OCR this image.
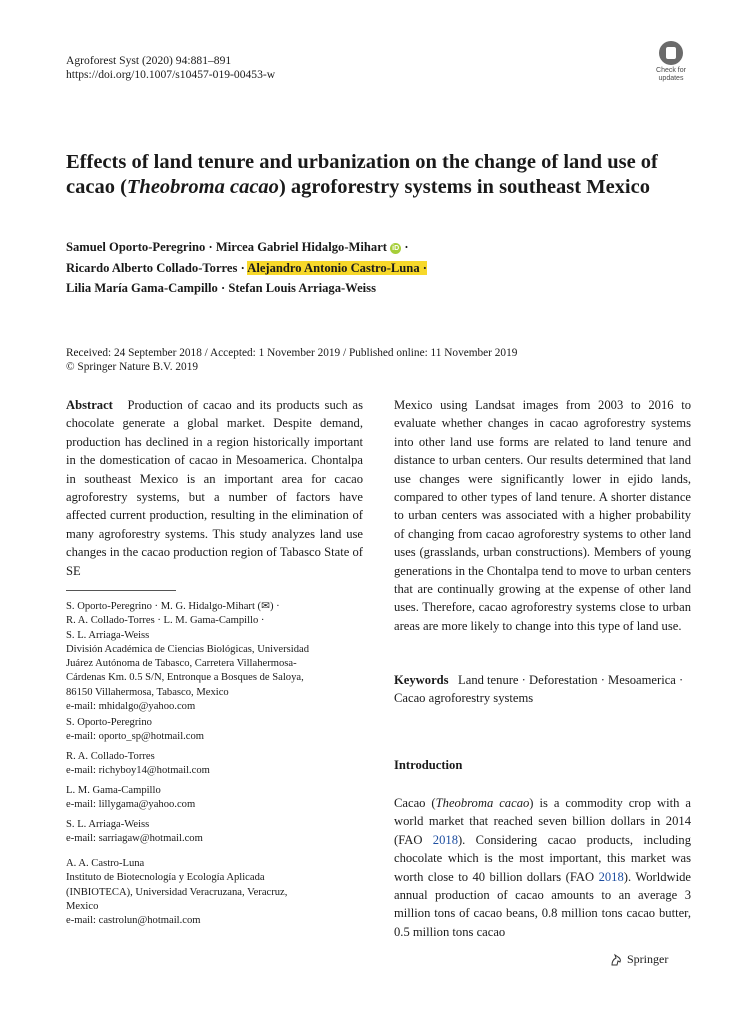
Agroforest Syst (2020) 94:881–891
https://doi.org/10.1007/s10457-019-00453-w	Check for
updates
Effects of land tenure and urbanization on the change of land use of cacao (Theobroma cacao) agroforestry systems in southeast Mexico
Samuel Oporto-Peregrino · Mircea Gabriel Hidalgo-Mihart iD ·
Ricardo Alberto Collado-Torres · Alejandro Antonio Castro-Luna ·
Lilia María Gama-Campillo · Stefan Louis Arriaga-Weiss
Received: 24 September 2018 / Accepted: 1 November 2019 / Published online: 11 November 2019
© Springer Nature B.V. 2019
Abstract Production of cacao and its products such as chocolate generate a global market. Despite demand, production has declined in a region historically important in the domestication of cacao in Mesoamerica. Chontalpa in southeast Mexico is an important area for cacao agroforestry systems, but a number of factors have affected current production, resulting in the elimination of many agroforestry systems. This study analyzes land use changes in the cacao production region of Tabasco State of SE
S. Oporto-Peregrino · M. G. Hidalgo-Mihart (✉) ·
R. A. Collado-Torres · L. M. Gama-Campillo ·
S. L. Arriaga-Weiss
División Académica de Ciencias Biológicas, Universidad
Juárez Autónoma de Tabasco, Carretera Villahermosa-
Cárdenas Km. 0.5 S/N, Entronque a Bosques de Saloya,
86150 Villahermosa, Tabasco, Mexico
e-mail: mhidalgo@yahoo.com
S. Oporto-Peregrino
e-mail: oporto_sp@hotmail.com
R. A. Collado-Torres
e-mail: richyboy14@hotmail.com
L. M. Gama-Campillo
e-mail: lillygama@yahoo.com
S. L. Arriaga-Weiss
e-mail: sarriagaw@hotmail.com
A. A. Castro-Luna
Instituto de Biotecnología y Ecología Aplicada
(INBIOTECA), Universidad Veracruzana, Veracruz,
Mexico
e-mail: castrolun@hotmail.com
Mexico using Landsat images from 2003 to 2016 to evaluate whether changes in cacao agroforestry systems into other land use forms are related to land tenure and distance to urban centers. Our results determined that land use changes were significantly lower in ejido lands, compared to other types of land tenure. A shorter distance to urban centers was associated with a higher probability of changing from cacao agroforestry systems to other land uses (grasslands, urban constructions). Members of young generations in the Chontalpa tend to move to urban centers that are continually growing at the expense of other land uses. Therefore, cacao agroforestry systems close to urban areas are more likely to change into this type of land use.
Keywords Land tenure · Deforestation · Mesoamerica · Cacao agroforestry systems
Introduction
Cacao (Theobroma cacao) is a commodity crop with a world market that reached seven billion dollars in 2014 (FAO 2018). Considering cacao products, including chocolate which is the most important, this market was worth close to 40 billion dollars (FAO 2018). Worldwide annual production of cacao amounts to an average 3 million tons of cacao beans, 0.8 million tons cacao butter, 0.5 million tons cacao
Springer
